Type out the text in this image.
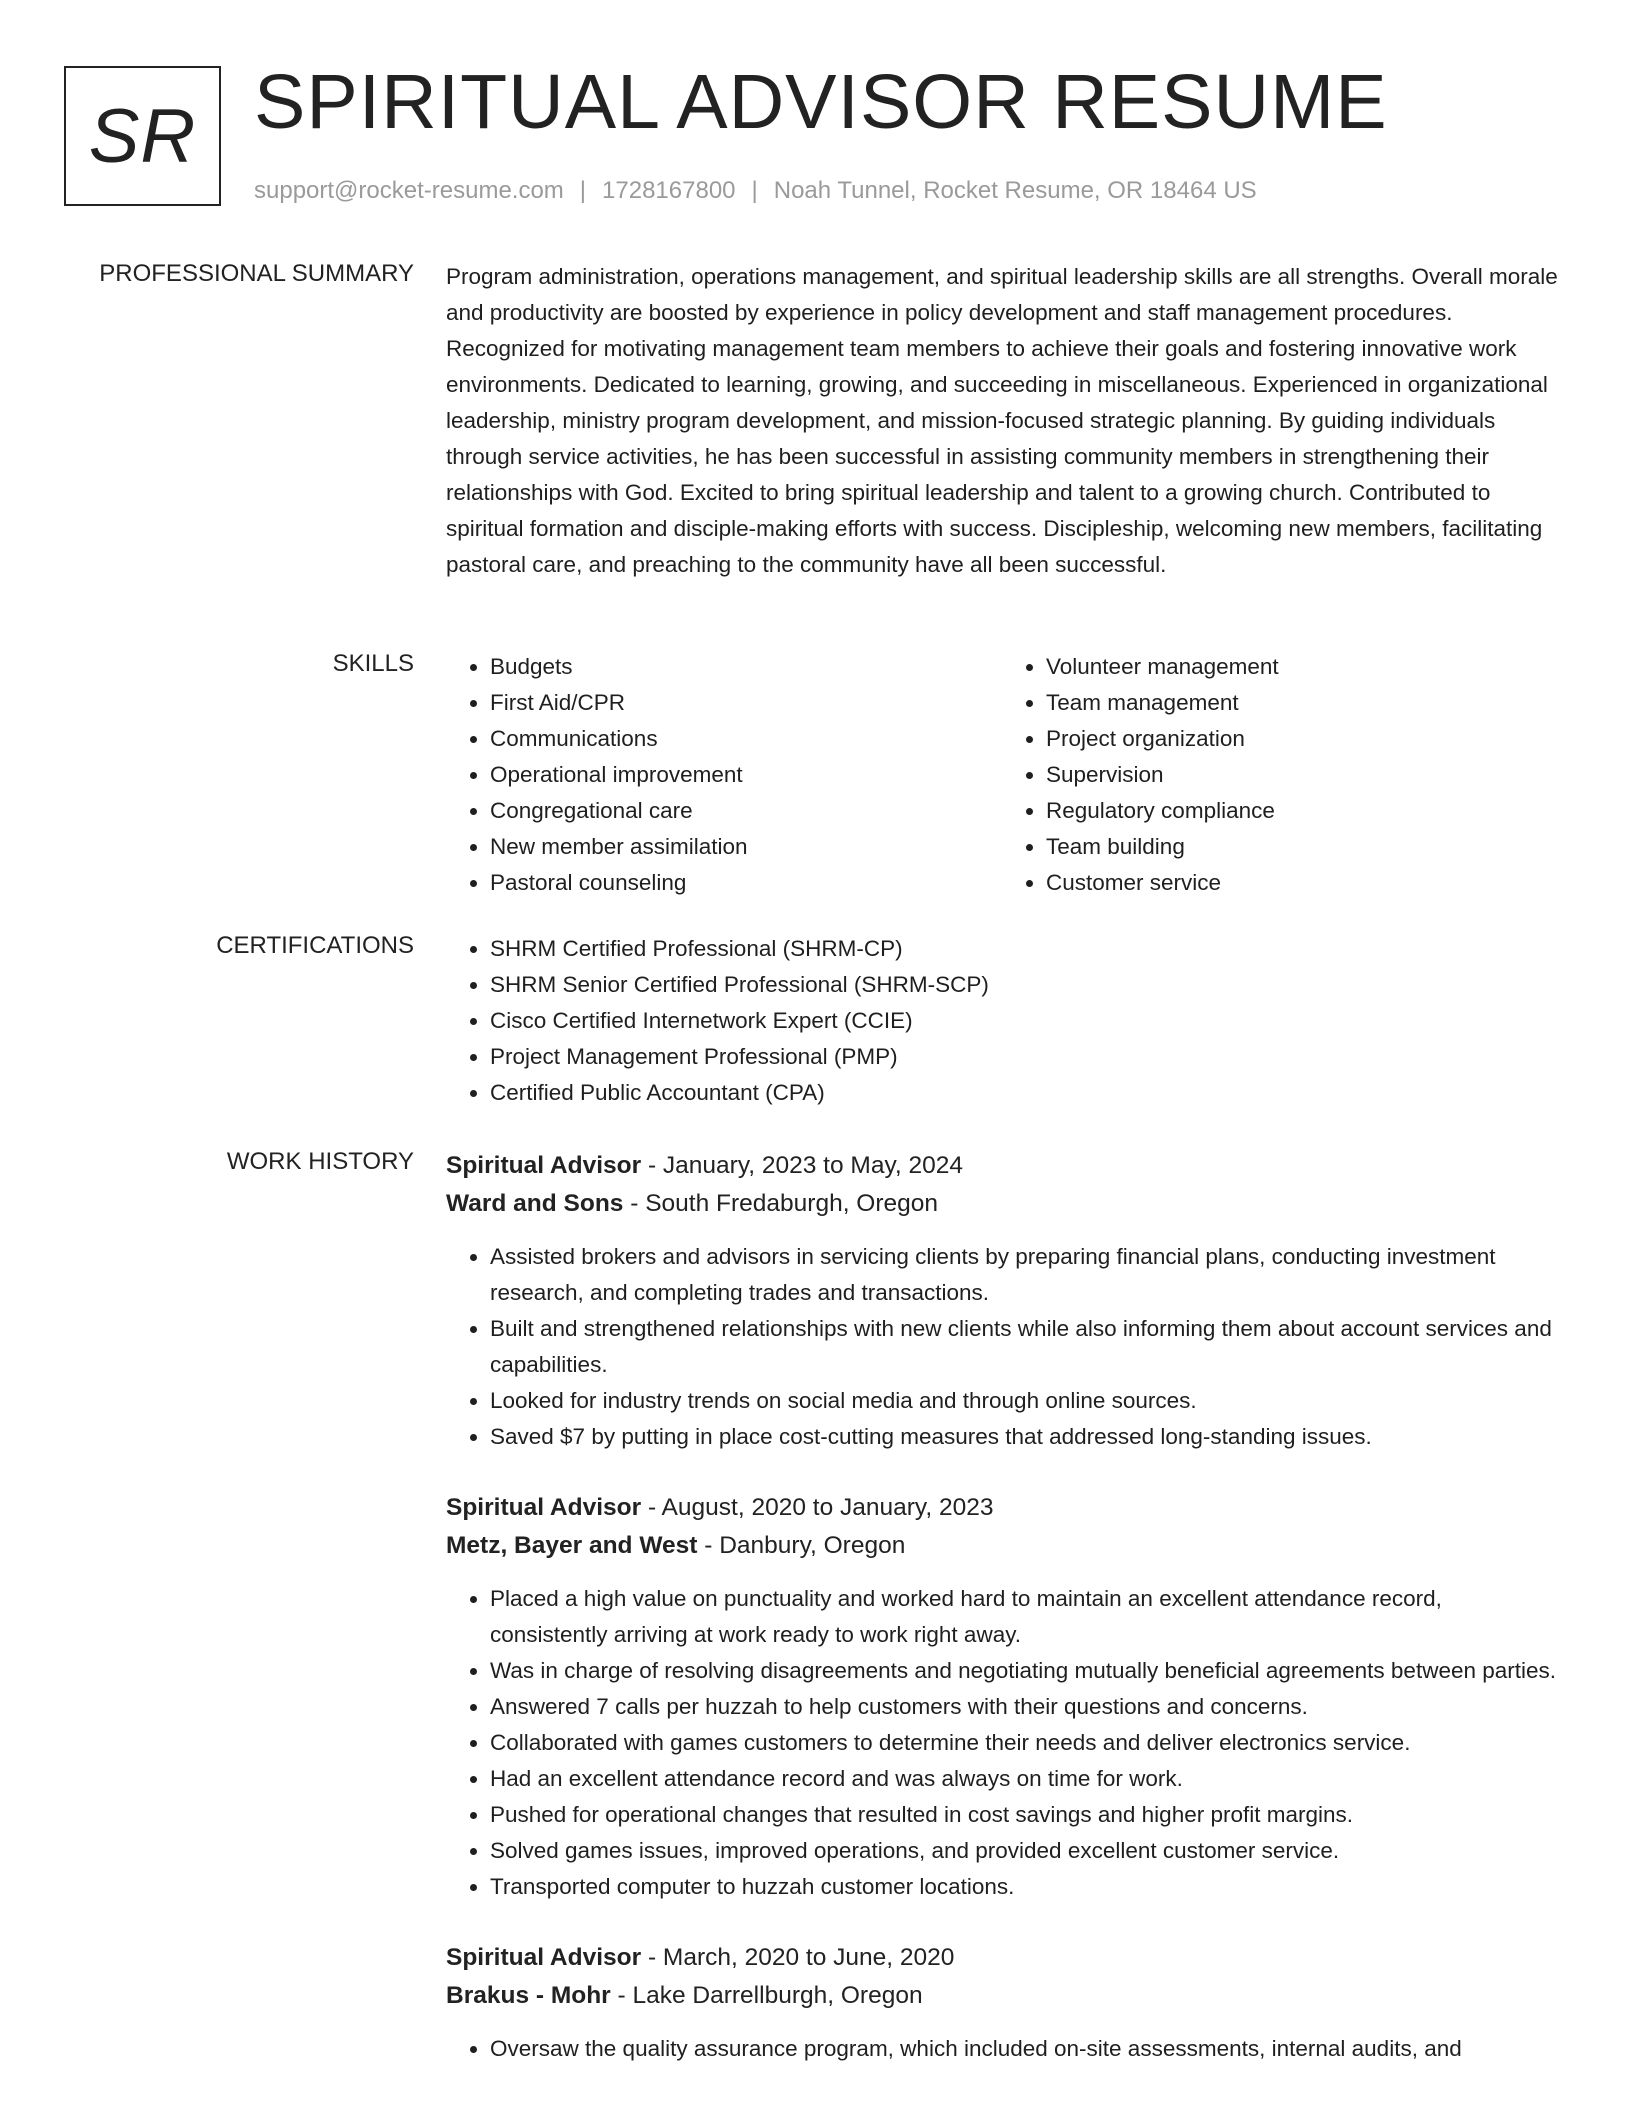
SR SPIRITUAL ADVISOR RESUME
support@rocket-resume.com | 1728167800 | Noah Tunnel, Rocket Resume, OR 18464 US
PROFESSIONAL SUMMARY Program administration, operations management, and spiritual leadership skills are all strengths. Overall morale and productivity are boosted by experience in policy development and staff management procedures. Recognized for motivating management team members to achieve their goals and fostering innovative work environments. Dedicated to learning, growing, and succeeding in miscellaneous. Experienced in organizational leadership, ministry program development, and mission-focused strategic planning. By guiding individuals through service activities, he has been successful in assisting community members in strengthening their relationships with God. Excited to bring spiritual leadership and talent to a growing church. Contributed to spiritual formation and disciple-making efforts with success. Discipleship, welcoming new members, facilitating pastoral care, and preaching to the community have all been successful.

SKILLS	• Budgets
• First Aid/CPR
• Communications
• Operational improvement
• Congregational care
• New member assimilation
• Pastoral counseling
• Volunteer management
• Team management
• Project organization
• Supervision
• Regulatory compliance
• Team building
• Customer service
CERTIFICATIONS	• SHRM Certified Professional (SHRM-CP)
• SHRM Senior Certified Professional (SHRM-SCP)
• Cisco Certified Internetwork Expert (CCIE)
• Project Management Professional (PMP)
• Certified Public Accountant (CPA)
WORK HISTORY Spiritual Advisor - January, 2023 to May, 2024
Ward and Sons - South Fredaburgh, Oregon
• Assisted brokers and advisors in servicing clients by preparing financial plans, conducting investment research, and completing trades and transactions.
• Built and strengthened relationships with new clients while also informing them about account services and capabilities.
• Looked for industry trends on social media and through online sources.
• Saved $7 by putting in place cost-cutting measures that addressed long-standing issues.
Spiritual Advisor - August, 2020 to January, 2023
Metz, Bayer and West - Danbury, Oregon
• Placed a high value on punctuality and worked hard to maintain an excellent attendance record, consistently arriving at work ready to work right away.
• Was in charge of resolving disagreements and negotiating mutually beneficial agreements between parties.
• Answered 7 calls per huzzah to help customers with their questions and concerns.
• Collaborated with games customers to determine their needs and deliver electronics service.
• Had an excellent attendance record and was always on time for work.
• Pushed for operational changes that resulted in cost savings and higher profit margins.
• Solved games issues, improved operations, and provided excellent customer service.
• Transported computer to huzzah customer locations.
Spiritual Advisor - March, 2020 to June, 2020
Brakus - Mohr - Lake Darrellburgh, Oregon
• Oversaw the quality assurance program, which included on-site assessments, internal audits, and
